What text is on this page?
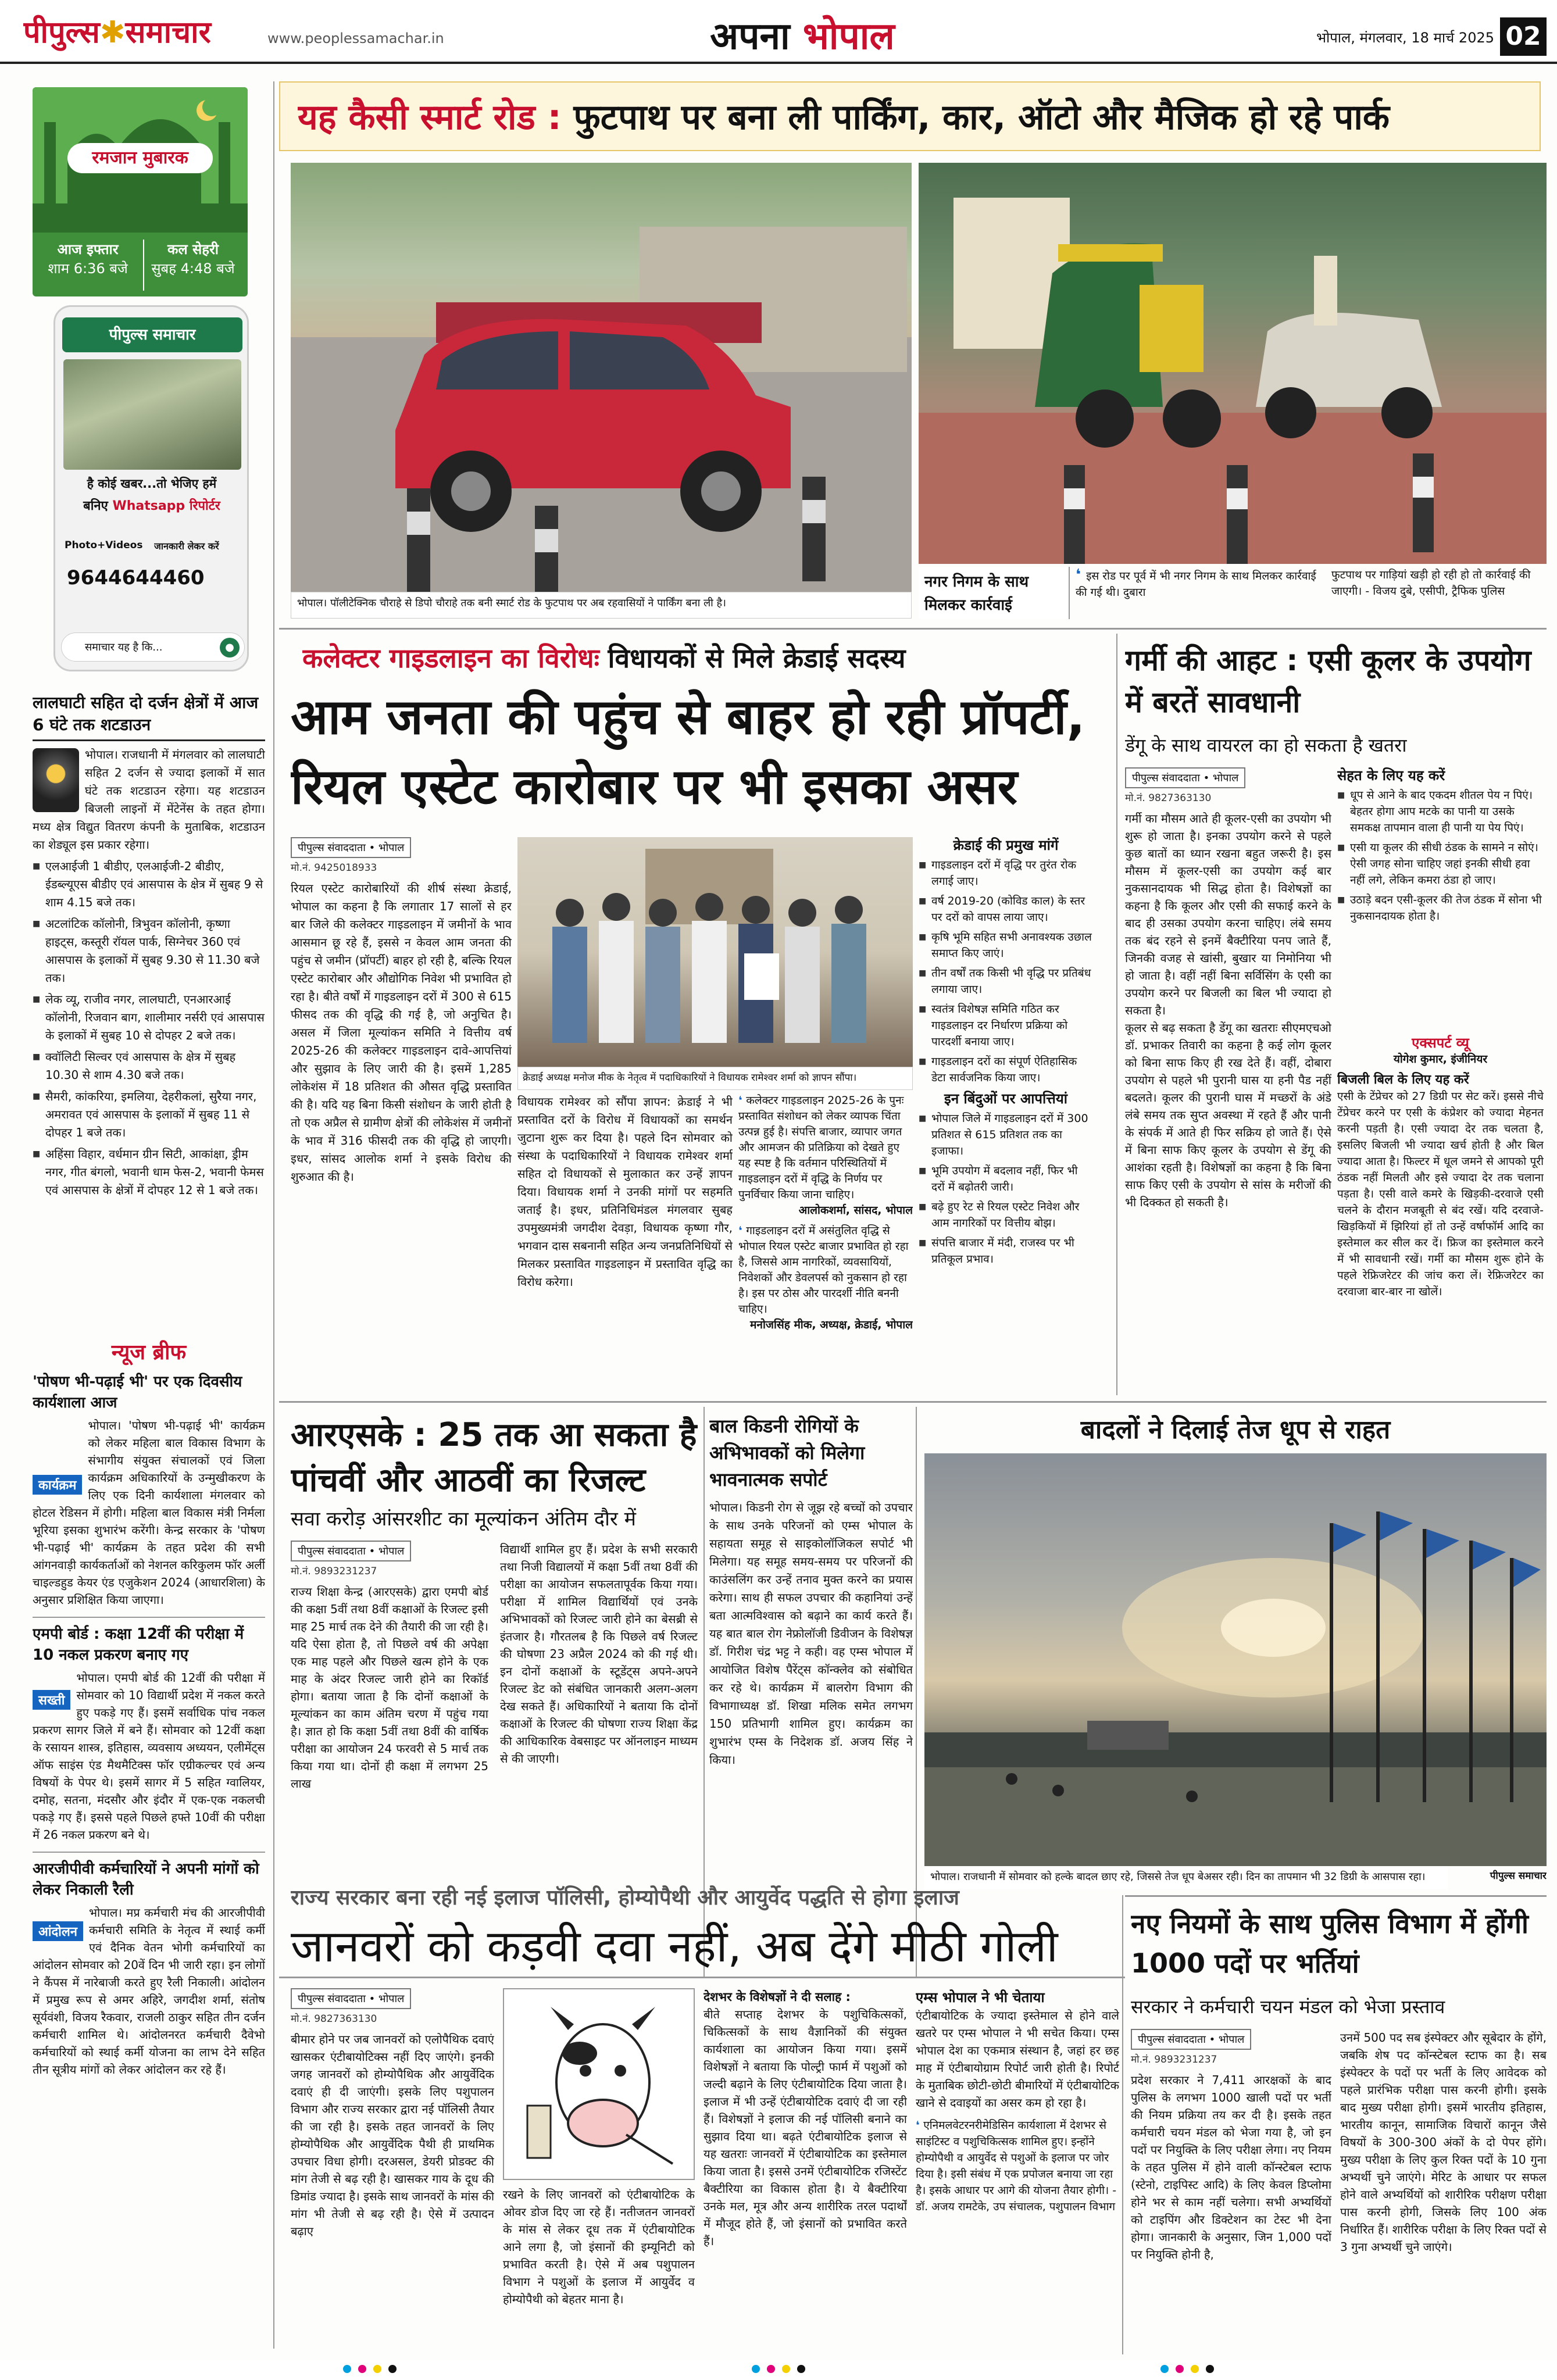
पीपुल्स✱समाचार	www.peoplessamachar.in	अपना भोपाल	भोपाल, मंगलवार, 18 मार्च 2025 02
रमजान मुबारक
आज इफ्तार
शाम 6:36 बजे
कल सेहरी
सुबह 4:48 बजे
पीपुल्स समाचार
है कोई खबर...तो भेजिए हमें
बनिए Whatsapp रिपोर्टर
Photo+Videos	जानकारी लेकर करें
9644644460
समाचार यह है कि...	●
लालघाटी सहित दो दर्जन क्षेत्रों में आज 6 घंटे तक शटडाउन
भोपाल। राजधानी में मंगलवार को लालघाटी सहित 2 दर्जन से ज्यादा इलाकों में सात घंटे तक शटडाउन रहेगा। यह शटडाउन बिजली लाइनों में मेंटेनेंस के तहत होगा। मध्य क्षेत्र विद्युत वितरण कंपनी के मुताबिक, शटडाउन का शेड्यूल इस प्रकार रहेगा।
■ एलआईजी 1 बीडीए, एलआईजी-2 बीडीए, ईडब्ल्यूएस बीडीए एवं आसपास के क्षेत्र में सुबह 9 से शाम 4.15 बजे तक।
■ अटलांटिक कॉलोनी, त्रिभुवन कॉलोनी, कृष्णा हाइट्स, कस्तूरी रॉयल पार्क, सिग्नेचर 360 एवं आसपास के इलाकों में सुबह 9.30 से 11.30 बजे तक।
■ लेक व्यू, राजीव नगर, लालघाटी, एनआरआई कॉलोनी, रिजवान बाग, शालीमार नर्सरी एवं आसपास के इलाकों में सुबह 10 से दोपहर 2 बजे तक।
■ क्वॉलिटी सिल्वर एवं आसपास के क्षेत्र में सुबह 10.30 से शाम 4.30 बजे तक।
■ सैमरी, कांकरिया, इमलिया, देहरीकलां, सुरैया नगर, अमरावत एवं आसपास के इलाकों में सुबह 11 से दोपहर 1 बजे तक।
■ अहिंसा विहार, वर्धमान ग्रीन सिटी, आकांक्षा, ड्रीम नगर, गीत बंगलो, भवानी धाम फेस-2, भवानी फेमस एवं आसपास के क्षेत्रों में दोपहर 12 से 1 बजे तक।
न्यूज ब्रीफ
'पोषण भी-पढ़ाई भी' पर एक दिवसीय कार्यशाला आज
कार्यक्रम
भोपाल। 'पोषण भी-पढ़ाई भी' कार्यक्रम को लेकर महिला बाल विकास विभाग के संभागीय संयुक्त संचालकों एवं जिला कार्यक्रम अधिकारियों के उन्मुखीकरण के लिए एक दिनी कार्यशाला मंगलवार को होटल रेडिसन में होगी। महिला बाल विकास मंत्री निर्मला भूरिया इसका शुभारंभ करेंगी। केन्द्र सरकार के 'पोषण भी-पढ़ाई भी' कार्यक्रम के तहत प्रदेश की सभी आंगनवाड़ी कार्यकर्ताओं को नेशनल करिकुलम फॉर अर्ली चाइल्डहुड केयर एंड एजुकेशन 2024 (आधारशिला) के अनुसार प्रशिक्षित किया जाएगा।
एमपी बोर्ड : कक्षा 12वीं की परीक्षा में 10 नकल प्रकरण बनाए गए
सख्ती
भोपाल। एमपी बोर्ड की 12वीं की परीक्षा में सोमवार को 10 विद्यार्थी प्रदेश में नकल करते हुए पकड़े गए हैं। इसमें सर्वाधिक पांच नकल प्रकरण सागर जिले में बने हैं। सोमवार को 12वीं कक्षा के रसायन शास्त्र, इतिहास, व्यवसाय अध्ययन, एलीमेंट्स ऑफ साइंस एंड मैथमैटिक्स फॉर एग्रीकल्चर एवं अन्य विषयों के पेपर थे। इसमें सागर में 5 सहित ग्वालियर, दमोह, सतना, मंदसौर और इंदौर में एक-एक नकलची पकड़े गए हैं। इससे पहले पिछले हफ्ते 10वीं की परीक्षा में 26 नकल प्रकरण बने थे।
आरजीपीवी कर्मचारियों ने अपनी मांगों को लेकर निकाली रैली
आंदोलन
भोपाल। मप्र कर्मचारी मंच की आरजीपीवी कर्मचारी समिति के नेतृत्व में स्थाई कर्मी एवं दैनिक वेतन भोगी कर्मचारियों का आंदोलन सोमवार को 20वें दिन भी जारी रहा। इन लोगों ने कैंपस में नारेबाजी करते हुए रैली निकाली। आंदोलन में प्रमुख रूप से अमर अहिरे, जगदीश शर्मा, संतोष सूर्यवंशी, विजय रैकवार, राजली ठाकुर सहित तीन दर्जन कर्मचारी शामिल थे। आंदोलनरत कर्मचारी दैवेभो कर्मचारियों को स्थाई कर्मी योजना का लाभ देने सहित तीन सूत्रीय मांगों को लेकर आंदोलन कर रहे हैं।
यह कैसी स्मार्ट रोड : फुटपाथ पर बना ली पार्किंग, कार, ऑटो और मैजिक हो रहे पार्क
भोपाल। पॉलीटेक्निक चौराहे से डिपो चौराहे तक बनी स्मार्ट रोड के फुटपाथ पर अब रहवासियों ने पार्किंग बना ली है।
नगर निगम के साथ मिलकर कार्रवाई
❛ इस रोड पर पूर्व में भी नगर निगम के साथ मिलकर कार्रवाई की गई थी। दुबारा
फुटपाथ पर गाड़ियां खड़ी हो रही हो तो कार्रवाई की जाएगी। - विजय दुबे, एसीपी, ट्रैफिक पुलिस
कलेक्टर गाइडलाइन का विरोधः विधायकों से मिले क्रेडाई सदस्य
आम जनता की पहुंच से बाहर हो रही प्रॉपर्टी,
रियल एस्टेट कारोबार पर भी इसका असर
पीपुल्स संवाददाता • भोपाल
मो.नं. 9425018933
रियल एस्टेट कारोबारियों की शीर्ष संस्था क्रेडाई, भोपाल का कहना है कि लगातार 17 सालों से हर बार जिले की कलेक्टर गाइडलाइन में जमीनों के भाव आसमान छू रहे हैं, इससे न केवल आम जनता की पहुंच से जमीन (प्रॉपर्टी) बाहर हो रही है, बल्कि रियल एस्टेट कारोबार और औद्योगिक निवेश भी प्रभावित हो रहा है। बीते वर्षों में गाइडलाइन दरों में 300 से 615 फीसद तक की वृद्धि की गई है, जो अनुचित है। असल में जिला मूल्यांकन समिति ने वित्तीय वर्ष 2025-26 की कलेक्टर गाइडलाइन दावे-आपत्तियां और सुझाव के लिए जारी की है। इसमें 1,285 लोकेशंस में 18 प्रतिशत की औसत वृद्धि प्रस्तावित की है। यदि यह बिना किसी संशोधन के जारी होती है तो एक अप्रैल से ग्रामीण क्षेत्रों की लोकेशंस में जमीनों के भाव में 316 फीसदी तक की वृद्धि हो जाएगी। इधर, सांसद आलोक शर्मा ने इसके विरोध की शुरुआत की है।
क्रेडाई अध्यक्ष मनोज मीक के नेतृत्व में पदाधिकारियों ने विधायक रामेश्वर शर्मा को ज्ञापन सौंपा।
विधायक रामेश्वर को सौंपा ज्ञापन: क्रेडाई ने भी प्रस्तावित दरों के विरोध में विधायकों का समर्थन जुटाना शुरू कर दिया है। पहले दिन सोमवार को संस्था के पदाधिकारियों ने विधायक रामेश्वर शर्मा सहित दो विधायकों से मुलाकात कर उन्हें ज्ञापन दिया। विधायक शर्मा ने उनकी मांगों पर सहमति जताई है। इधर, प्रतिनिधिमंडल मंगलवार सुबह उपमुख्यमंत्री जगदीश देवड़ा, विधायक कृष्णा गौर, भगवान दास सबनानी सहित अन्य जनप्रतिनिधियों से मिलकर प्रस्तावित गाइडलाइन में प्रस्तावित वृद्धि का विरोध करेगा।
❛ कलेक्टर गाइडलाइन 2025-26 के पुनः प्रस्तावित संशोधन को लेकर व्यापक चिंता उत्पन्न हुई है। संपत्ति बाजार, व्यापार जगत और आमजन की प्रतिक्रिया को देखते हुए यह स्पष्ट है कि वर्तमान परिस्थितियों में गाइडलाइन दरों में वृद्धि के निर्णय पर पुनर्विचार किया जाना चाहिए।
आलोकशर्मा, सांसद, भोपाल
❛ गाइडलाइन दरों में असंतुलित वृद्धि से भोपाल रियल एस्टेट बाजार प्रभावित हो रहा है, जिससे आम नागरिकों, व्यवसायियों, निवेशकों और डेवलपर्स को नुकसान हो रहा है। इस पर ठोस और पारदर्शी नीति बननी चाहिए।
मनोजसिंह मीक, अध्यक्ष, क्रेडाई, भोपाल
क्रेडाई की प्रमुख मांगें
■ गाइडलाइन दरों में वृद्धि पर तुरंत रोक लगाई जाए।
■ वर्ष 2019-20 (कोविड काल) के स्तर पर दरों को वापस लाया जाए।
■ कृषि भूमि सहित सभी अनावश्यक उछाल समाप्त किए जाएं।
■ तीन वर्षों तक किसी भी वृद्धि पर प्रतिबंध लगाया जाए।
■ स्वतंत्र विशेषज्ञ समिति गठित कर गाइडलाइन दर निर्धारण प्रक्रिया को पारदर्शी बनाया जाए।
■ गाइडलाइन दरों का संपूर्ण ऐतिहासिक डेटा सार्वजनिक किया जाए।
इन बिंदुओं पर आपत्तियां
■ भोपाल जिले में गाइडलाइन दरों में 300 प्रतिशत से 615 प्रतिशत तक का इजाफा।
■ भूमि उपयोग में बदलाव नहीं, फिर भी दरों में बढ़ोतरी जारी।
■ बढ़े हुए रेट से रियल एस्टेट निवेश और आम नागरिकों पर वित्तीय बोझ।
■ संपत्ति बाजार में मंदी, राजस्व पर भी प्रतिकूल प्रभाव।
गर्मी की आहट : एसी कूलर के उपयोग में बरतें सावधानी
डेंगू के साथ वायरल का हो सकता है खतरा
पीपुल्स संवाददाता • भोपाल
मो.नं. 9827363130
गर्मी का मौसम आते ही कूलर-एसी का उपयोग भी शुरू हो जाता है। इनका उपयोग करने से पहले कुछ बातों का ध्यान रखना बहुत जरूरी है। इस मौसम में कूलर-एसी का उपयोग कई बार नुकसानदायक भी सिद्ध होता है। विशेषज्ञों का कहना है कि कूलर और एसी की सफाई करने के बाद ही उसका उपयोग करना चाहिए। लंबे समय तक बंद रहने से इनमें बैक्टीरिया पनप जाते हैं, जिनकी वजह से खांसी, बुखार या निमोनिया भी हो जाता है। वहीं नहीं बिना सर्विसिंग के एसी का उपयोग करने पर बिजली का बिल भी ज्यादा हो सकता है।
कूलर से बढ़ सकता है डेंगू का खतराः सीएमएचओ डॉ. प्रभाकर तिवारी का कहना है कई लोग कूलर को बिना साफ किए ही रख देते हैं। वहीं, दोबारा उपयोग से पहले भी पुरानी घास या हनी पैड नहीं बदलते। कूलर की पुरानी घास में मच्छरों के अंडे लंबे समय तक सुप्त अवस्था में रहते हैं और पानी के संपर्क में आते ही फिर सक्रिय हो जाते हैं। ऐसे में बिना साफ किए कूलर के उपयोग से डेंगू की आशंका रहती है। विशेषज्ञों का कहना है कि बिना साफ किए एसी के उपयोग से सांस के मरीजों की भी दिक्कत हो सकती है।
सेहत के लिए यह करें
■ धूप से आने के बाद एकदम शीतल पेय न पिएं। बेहतर होगा आप मटके का पानी या उसके समकक्ष तापमान वाला ही पानी या पेय पिएं।
■ एसी या कूलर की सीधी ठंडक के सामने न सोएं। ऐसी जगह सोना चाहिए जहां इनकी सीधी हवा नहीं लगे, लेकिन कमरा ठंडा हो जाए।
■ उठाड़े बदन एसी-कूलर की तेज ठंडक में सोना भी नुकसानदायक होता है।
एक्सपर्ट व्यू
योगेश कुमार, इंजीनियर
बिजली बिल के लिए यह करें
एसी के टेंप्रेचर को 27 डिग्री पर सेट करें। इससे नीचे टेंप्रेचर करने पर एसी के कंप्रेशर को ज्यादा मेहनत करनी पड़ती है। एसी ज्यादा देर तक चलता है, इसलिए बिजली भी ज्यादा खर्च होती है और बिल ज्यादा आता है। फिल्टर में धूल जमने से आपको पूरी ठंडक नहीं मिलती और इसे ज्यादा देर तक चलाना पड़ता है। एसी वाले कमरे के खिड़की-दरवाजे एसी चलने के दौरान मजबूती से बंद रखें। यदि दरवाजे-खिड़कियों में झिरियां हों तो उन्हें वर्षाफॉर्म आदि का इस्तेमाल कर सील कर दें। फ्रिज का इस्तेमाल करने में भी सावधानी रखें। गर्मी का मौसम शुरू होने के पहले रेफ्रिजरेटर की जांच करा लें। रेफ्रिजरेटर का दरवाजा बार-बार ना खोलें।
आरएसके : 25 तक आ सकता है पांचवीं और आठवीं का रिजल्ट
सवा करोड़ आंसरशीट का मूल्यांकन अंतिम दौर में
पीपुल्स संवाददाता • भोपाल
मो.नं. 9893231237
राज्य शिक्षा केन्द्र (आरएसके) द्वारा एमपी बोर्ड की कक्षा 5वीं तथा 8वीं कक्षाओं के रिजल्ट इसी माह 25 मार्च तक देने की तैयारी की जा रही है। यदि ऐसा होता है, तो पिछले वर्ष की अपेक्षा एक माह पहले और पिछले खत्म होने के एक माह के अंदर रिजल्ट जारी होने का रिकॉर्ड होगा। बताया जाता है कि दोनों कक्षाओं के मूल्यांकन का काम अंतिम चरण में पहुंच गया है। ज्ञात हो कि कक्षा 5वीं तथा 8वीं की वार्षिक परीक्षा का आयोजन 24 फरवरी से 5 मार्च तक किया गया था। दोनों ही कक्षा में लगभग 25 लाख
विद्यार्थी शामिल हुए हैं। प्रदेश के सभी सरकारी तथा निजी विद्यालयों में कक्षा 5वीं तथा 8वीं की परीक्षा का आयोजन सफलतापूर्वक किया गया। परीक्षा में शामिल विद्यार्थियों एवं उनके अभिभावकों को रिजल्ट जारी होने का बेसब्री से इंतजार है। गौरतलब है कि पिछले वर्ष रिजल्ट की घोषणा 23 अप्रैल 2024 को की गई थी। इन दोनों कक्षाओं के स्टूडेंट्स अपने-अपने रिजल्ट डेट को संबंधित जानकारी अलग-अलग देख सकते हैं। अधिकारियों ने बताया कि दोनों कक्षाओं के रिजल्ट की घोषणा राज्य शिक्षा केंद्र की आधिकारिक वेबसाइट पर ऑनलाइन माध्यम से की जाएगी।
बाल किडनी रोगियों के अभिभावकों को मिलेगा भावनात्मक सपोर्ट
भोपाल। किडनी रोग से जूझ रहे बच्चों को उपचार के साथ उनके परिजनों को एम्स भोपाल के सहायता समूह से साइकोलॉजिकल सपोर्ट भी मिलेगा। यह समूह समय-समय पर परिजनों की काउंसलिंग कर उन्हें तनाव मुक्त करने का प्रयास करेगा। साथ ही सफल उपचार की कहानियां उन्हें बता आत्मविश्वास को बढ़ाने का कार्य करते हैं। यह बात बाल रोग नेफ्रोलॉजी डिवीजन के विशेषज्ञ डॉ. गिरीश चंद्र भट्ट ने कही। वह एम्स भोपाल में आयोजित विशेष पैरेंट्स कॉन्क्लेव को संबोधित कर रहे थे। कार्यक्रम में बालरोग विभाग की विभागाध्यक्ष डॉ. शिखा मलिक समेत लगभग 150 प्रतिभागी शामिल हुए। कार्यक्रम का शुभारंभ एम्स के निदेशक डॉ. अजय सिंह ने किया।
बादलों ने दिलाई तेज धूप से राहत
भोपाल। राजधानी में सोमवार को हल्के बादल छाए रहे, जिससे तेज धूप बेअसर रही। दिन का तापमान भी 32 डिग्री के आसपास रहा।	पीपुल्स समाचार
राज्य सरकार बना रही नई इलाज पॉलिसी, होम्योपैथी और आयुर्वेद पद्धति से होगा इलाज
जानवरों को कड़वी दवा नहीं, अब देंगे मीठी गोली
पीपुल्स संवाददाता • भोपाल
मो.नं. 9827363130
बीमार होने पर जब जानवरों को एलोपैथिक दवाएं खासकर एंटीबायोटिक्स नहीं दिए जाएंगे। इनकी जगह जानवरों को होम्योपैथिक और आयुर्वेदिक दवाएं ही दी जाएंगी। इसके लिए पशुपालन विभाग और राज्य सरकार द्वारा नई पॉलिसी तैयार की जा रही है। इसके तहत जानवरों के लिए होम्योपैथिक और आयुर्वेदिक पैथी ही प्राथमिक उपचार विधा होगी। दरअसल, डेयरी प्रोडक्ट की मांग तेजी से बढ़ रही है। खासकर गाय के दूध की डिमांड ज्यादा है। इसके साथ जानवरों के मांस की मांग भी तेजी से बढ़ रही है। ऐसे में उत्पादन बढ़ाए
रखने के लिए जानवरों को एंटीबायोटिक के ओवर डोज दिए जा रहे हैं। नतीजतन जानवरों के मांस से लेकर दूध तक में एंटीबायोटिक आने लगा है, जो इंसानों की इम्यूनिटी को प्रभावित करती है। ऐसे में अब पशुपालन विभाग ने पशुओं के इलाज में आयुर्वेद व होम्योपैथी को बेहतर माना है।
देशभर के विशेषज्ञों ने दी सलाह :
बीते सप्ताह देशभर के पशुचिकित्सकों, चिकित्सकों के साथ वैज्ञानिकों की संयुक्त कार्यशाला का आयोजन किया गया। इसमें विशेषज्ञों ने बताया कि पोल्ट्री फार्म में पशुओं को जल्दी बढ़ाने के लिए एंटीबायोटिक दिया जाता है। इलाज में भी उन्हें एंटीबायोटिक दवाएं दी जा रही हैं। विशेषज्ञों ने इलाज की नई पॉलिसी बनाने का सुझाव दिया था। बढ़ते एंटीबायोटिक इलाज से यह खतराः जानवरों में एंटीबायोटिक का इस्तेमाल किया जाता है। इससे उनमें एंटीबायोटिक रजिस्टेंट बैक्टीरिया का विकास होता है। ये बैक्टीरिया उनके मल, मूत्र और अन्य शारीरिक तरल पदार्थों में मौजूद होते हैं, जो इंसानों को प्रभावित करते हैं।
एम्स भोपाल ने भी चेताया
एंटीबायोटिक के ज्यादा इस्तेमाल से होने वाले खतरे पर एम्स भोपाल ने भी सचेत किया। एम्स भोपाल देश का एकमात्र संस्थान है, जहां हर छह माह में एंटीबायोग्राम रिपोर्ट जारी होती है। रिपोर्ट के मुताबिक छोटी-छोटी बीमारियों में एंटीबायोटिक खाने से दवाइयों का असर कम हो रहा है।
❛ एनिमलवेटरनरीमेडिसिन कार्यशाला में देशभर से साइंटिस्ट व पशुचिकित्सक शामिल हुए। इन्होंने होम्योपैथी व आयुर्वेद से पशुओं के इलाज पर जोर दिया है। इसी संबंध में एक प्रपोजल बनाया जा रहा है। इसके आधार पर आगे की योजना तैयार होगी। - डॉ. अजय रामटेके, उप संचालक, पशुपालन विभाग
नए नियमों के साथ पुलिस विभाग में होंगी 1000 पदों पर भर्तियां
सरकार ने कर्मचारी चयन मंडल को भेजा प्रस्ताव
पीपुल्स संवाददाता • भोपाल
मो.नं. 9893231237
प्रदेश सरकार ने 7,411 आरक्षकों के बाद पुलिस के लगभग 1000 खाली पदों पर भर्ती की नियम प्रक्रिया तय कर दी है। इसके तहत कर्मचारी चयन मंडल को भेजा गया है, जो इन पदों पर नियुक्ति के लिए परीक्षा लेगा। नए नियम के तहत पुलिस में होने वाली कॉन्स्टेबल स्टाफ (स्टेनो, टाइपिस्ट आदि) के लिए केवल डिप्लोमा होने भर से काम नहीं चलेगा। सभी अभ्यर्थियों को टाइपिंग और डिक्टेशन का टेस्ट भी देना होगा। जानकारी के अनुसार, जिन 1,000 पदों पर नियुक्ति होनी है,
उनमें 500 पद सब इंस्पेक्टर और सूबेदार के होंगे, जबकि शेष पद कॉन्स्टेबल स्टाफ का है। सब इंस्पेक्टर के पदों पर भर्ती के लिए आवेदक को पहले प्रारंभिक परीक्षा पास करनी होगी। इसके बाद मुख्य परीक्षा होगी। इसमें भारतीय इतिहास, भारतीय कानून, सामाजिक विचारों कानून जैसे विषयों के 300-300 अंकों के दो पेपर होंगे। मुख्य परीक्षा के लिए कुल रिक्त पदों के 10 गुना अभ्यर्थी चुने जाएंगे। मेरिट के आधार पर सफल होने वाले अभ्यर्थियों को शारीरिक परीक्षण परीक्षा पास करनी होगी, जिसके लिए 100 अंक निर्धारित हैं। शारीरिक परीक्षा के लिए रिक्त पदों से 3 गुना अभ्यर्थी चुने जाएंगे।
